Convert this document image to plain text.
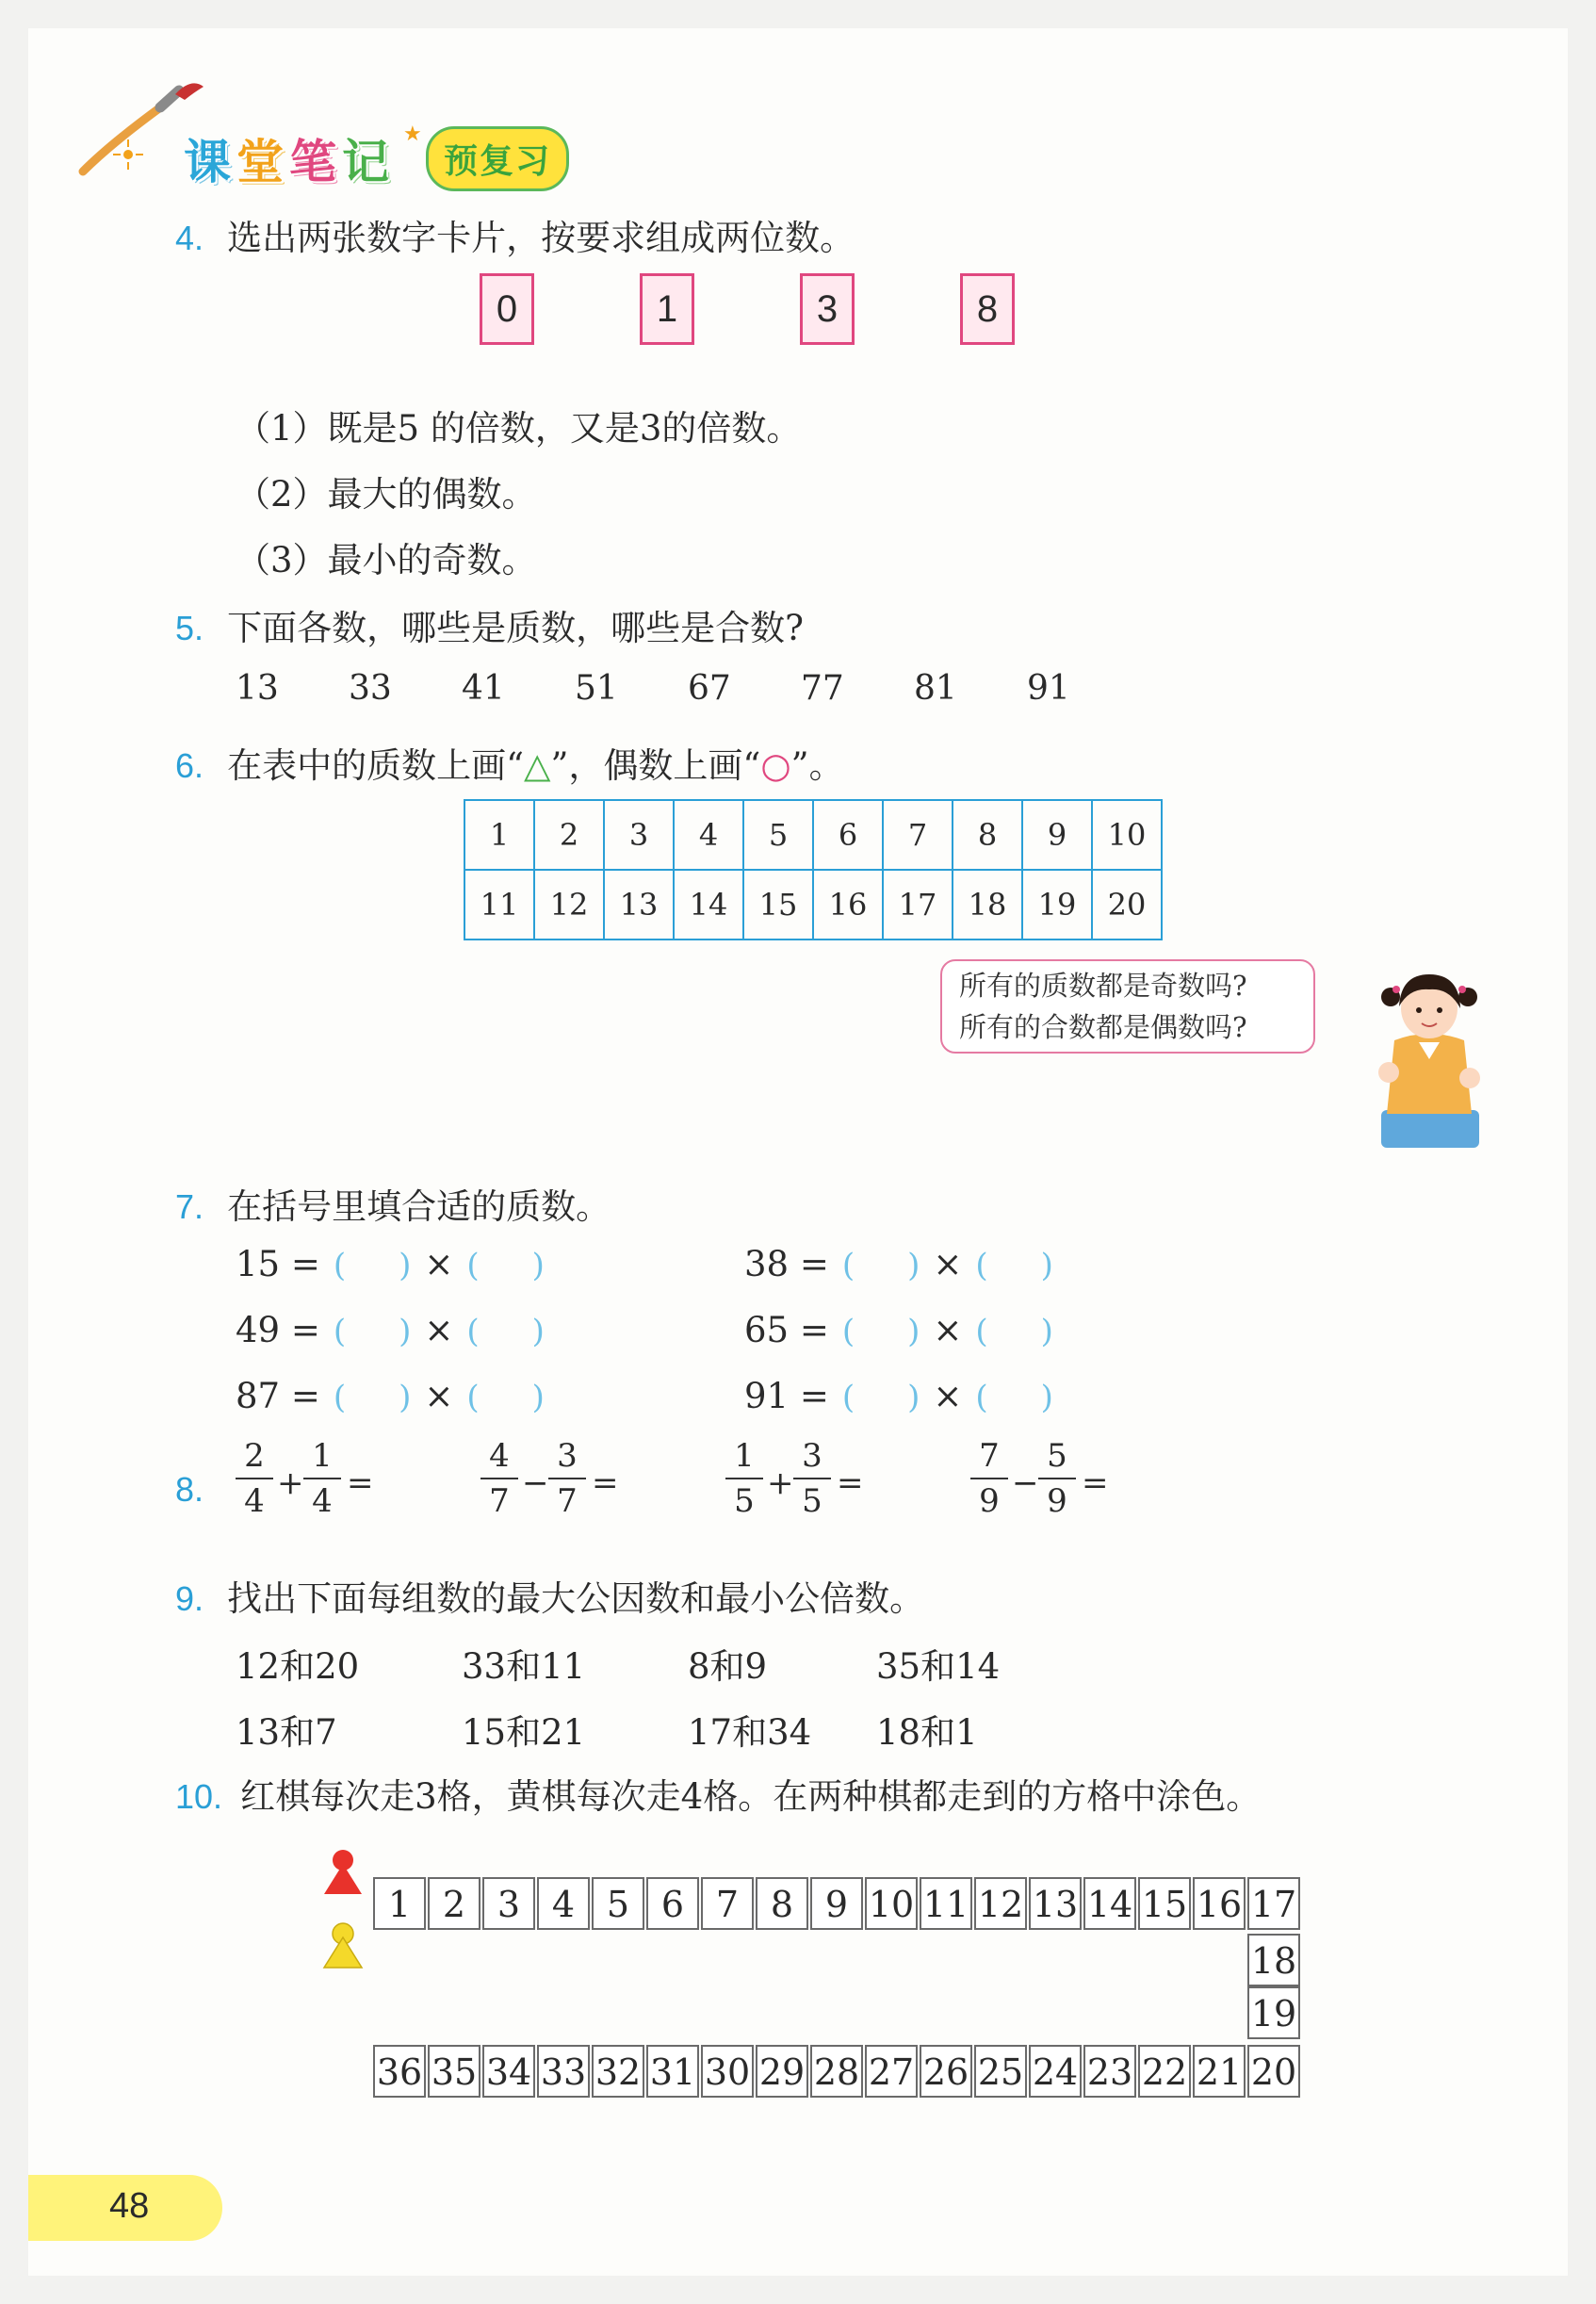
课堂笔记
★
预复习
4. 选出两张数字卡片，按要求组成两位数。
0	1	3	8
（1）既是5 的倍数，又是3的倍数。
（2）最大的偶数。
（3）最小的奇数。
5. 下面各数，哪些是质数，哪些是合数?
13 33 41 51 67 77 81 91
6. 在表中的质数上画“△”，偶数上画“○”。
1	2	3	4	5	6	7	8	9	10
11	12	13	14	15	16	17	18	19	20
所有的质数都是奇数吗?
所有的合数都是偶数吗?
7. 在括号里填合适的质数。
15 = ( ) × ( )	38 = ( ) × ( )
49 = ( ) × ( )	65 = ( ) × ( )
87 = ( ) × ( )	91 = ( ) × ( )
8.
2
4 +
1
4 =
4
7 −
3
7 =
1
5 +
3
5 =
7
9 −
5
9 =
9. 找出下面每组数的最大公因数和最小公倍数。
12和20	33和11	8和9	35和14
13和7	15和21	17和34 18和1
10. 红棋每次走3格，黄棋每次走4格。在两种棋都走到的方格中涂色。
1 2 3 4 5 6 7 8 9 10 11 12 13 14 15 16 17
18
19
36 35 34 33 32 31 30 29 28 27 26 25 24 23 22 21 20
48
